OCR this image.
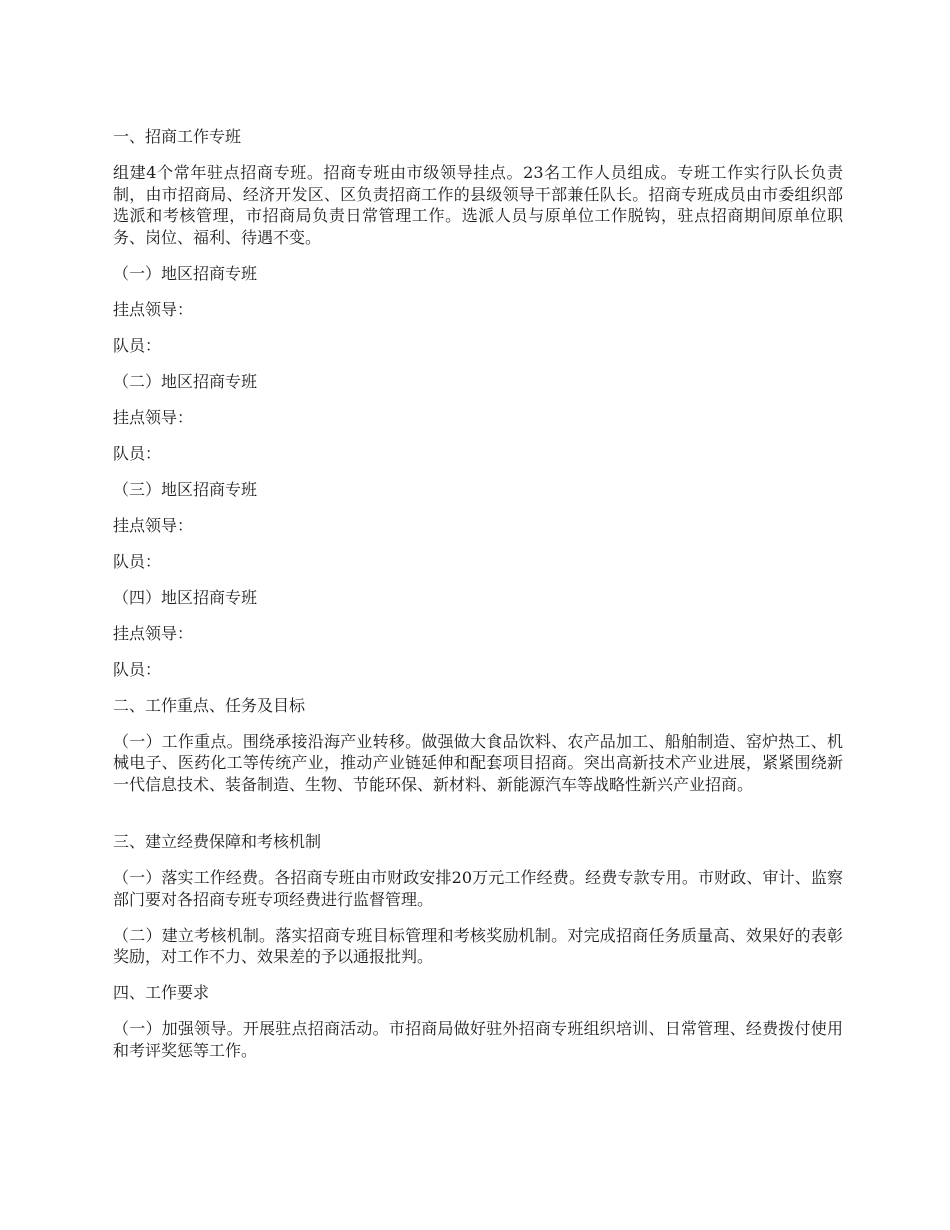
一、招商工作专班

组建4个常年驻点招商专班。招商专班由市级领导挂点。23名工作人员组成。专班工作实行队长负责制，由市招商局、经济开发区、区负责招商工作的县级领导干部兼任队长。招商专班成员由市委组织部选派和考核管理，市招商局负责日常管理工作。选派人员与原单位工作脱钩，驻点招商期间原单位职务、岗位、福利、待遇不变。

（一）地区招商专班

挂点领导：

队员：

（二）地区招商专班

挂点领导：

队员：

（三）地区招商专班

挂点领导：

队员：

（四）地区招商专班

挂点领导：

队员：

二、工作重点、任务及目标

（一）工作重点。围绕承接沿海产业转移。做强做大食品饮料、农产品加工、船舶制造、窑炉热工、机械电子、医药化工等传统产业，推动产业链延伸和配套项目招商。突出高新技术产业进展，紧紧围绕新一代信息技术、装备制造、生物、节能环保、新材料、新能源汽车等战略性新兴产业招商。

三、建立经费保障和考核机制

（一）落实工作经费。各招商专班由市财政安排20万元工作经费。经费专款专用。市财政、审计、监察部门要对各招商专班专项经费进行监督管理。

（二）建立考核机制。落实招商专班目标管理和考核奖励机制。对完成招商任务质量高、效果好的表彰奖励，对工作不力、效果差的予以通报批判。

四、工作要求

（一）加强领导。开展驻点招商活动。市招商局做好驻外招商专班组织培训、日常管理、经费拨付使用和考评奖惩等工作。
